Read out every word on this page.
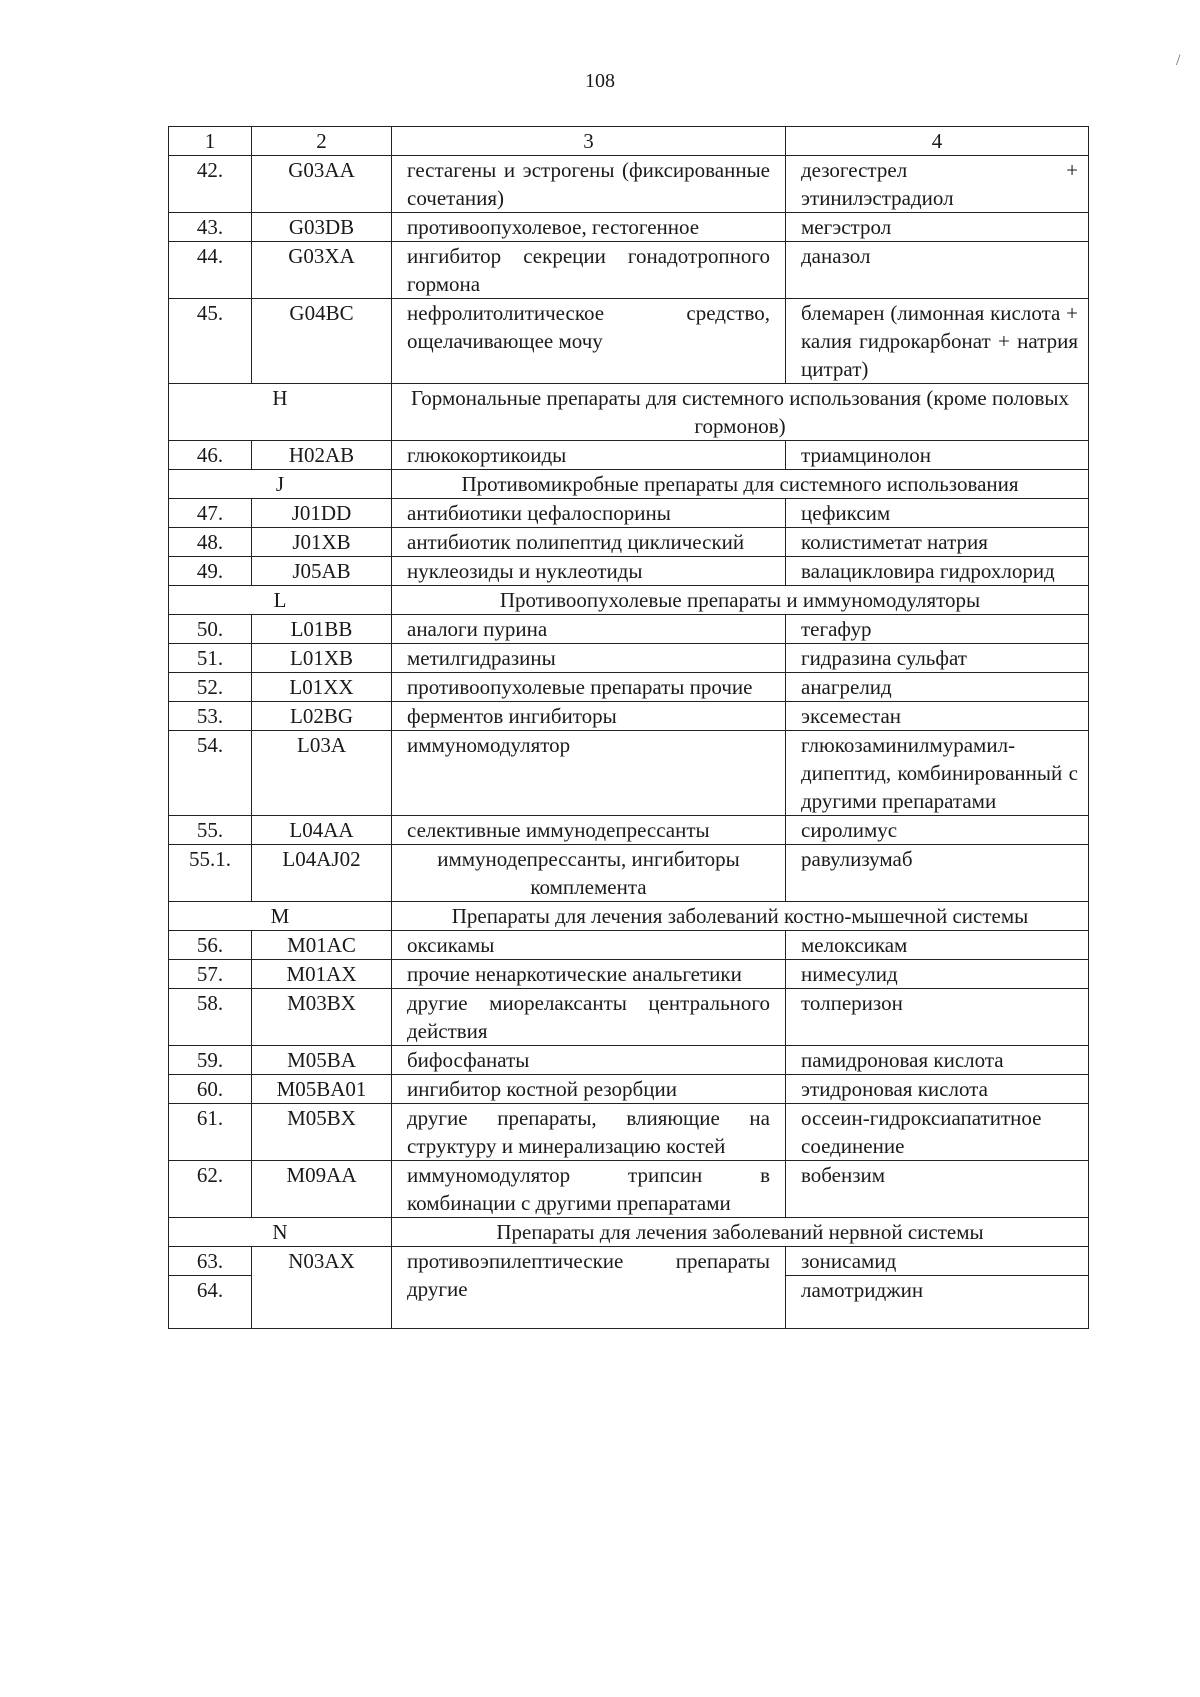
/
108
1	2	3	4
42.	G03AA	гестагены и эстрогены (фиксированные сочетания)	дезогестрел + этинилэстрадиол
43.	G03DB	противоопухолевое, гестогенное	мегэстрол
44.	G03XA	ингибитор секреции гонадотропного гормона	даназол
45.	G04BC	нефролитолитическое средство, ощелачивающее мочу	блемарен (лимонная кислота + калия гидрокарбонат + натрия цитрат)
H		Гормональные препараты для системного использования (кроме половых гормонов)	
46.	H02AB	глюкокортикоиды	триамцинолон
J		Противомикробные препараты для системного использования	
47.	J01DD	антибиотики цефалоспорины	цефиксим
48.	J01XB	антибиотик полипептид циклический	колистиметат натрия
49.	J05AB	нуклеозиды и нуклеотиды	валацикловира гидрохлорид
L		Противоопухолевые препараты и иммуномодуляторы	
50.	L01BB	аналоги пурина	тегафур
51.	L01XB	метилгидразины	гидразина сульфат
52.	L01XX	противоопухолевые препараты прочие	анагрелид
53.	L02BG	ферментов ингибиторы	эксеместан
54.	L03A	иммуномодулятор	глюкозаминилмурамил-дипептид, комбинированный с другими препаратами
55.	L04AA	селективные иммунодепрессанты	сиролимус
55.1.	L04AJ02	иммунодепрессанты, ингибиторы комплемента	равулизумаб
M		Препараты для лечения заболеваний костно-мышечной системы	
56.	M01AC	оксикамы	мелоксикам
57.	M01AX	прочие ненаркотические анальгетики	нимесулид
58.	M03BX	другие миорелаксанты центрального действия	толперизон
59.	M05BA	бифосфанаты	памидроновая кислота
60.	M05BA01	ингибитор костной резорбции	этидроновая кислота
61.	M05BX	другие препараты, влияющие на структуру и минерализацию костей	оссеин-гидроксиапатитное соединение
62.	M09AA	иммуномодулятор трипсин в комбинации с другими препаратами	вобензим
N		Препараты для лечения заболеваний нервной системы	
63.	N03AX	противоэпилептические препараты другие	зонисамид
64.			ламотриджин
